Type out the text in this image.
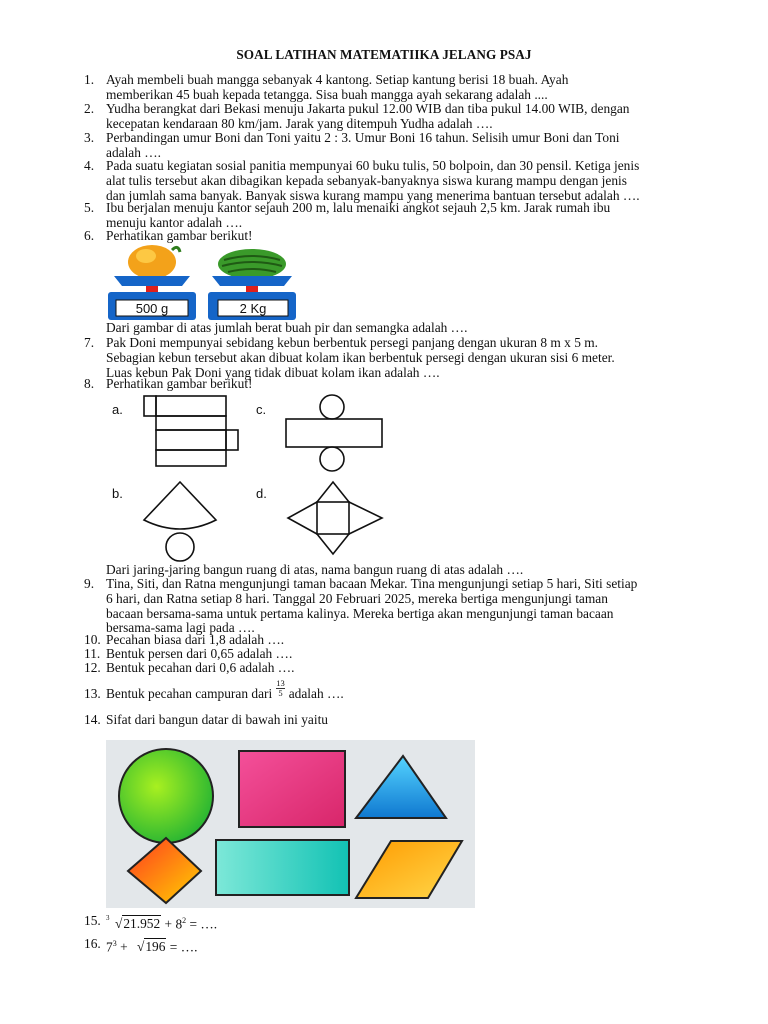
SOAL LATIHAN MATEMATIIKA JELANG PSAJ
1. Ayah membeli buah mangga sebanyak 4 kantong. Setiap kantung berisi 18 buah. Ayah
memberikan 45 buah kepada tetangga. Sisa buah mangga ayah sekarang adalah ....
2. Yudha berangkat dari Bekasi menuju Jakarta pukul 12.00 WIB dan tiba pukul 14.00 WIB, dengan
kecepatan kendaraan 80 km/jam. Jarak yang ditempuh Yudha adalah ….
3. Perbandingan umur Boni dan Toni yaitu 2 : 3. Umur Boni 16 tahun. Selisih umur Boni dan Toni
adalah ….
4. Pada suatu kegiatan sosial panitia mempunyai 60 buku tulis, 50 bolpoin, dan 30 pensil. Ketiga jenis
alat tulis tersebut akan dibagikan kepada sebanyak-banyaknya siswa kurang mampu dengan jenis
dan jumlah sama banyak. Banyak siswa kurang mampu yang menerima bantuan tersebut adalah ….
5. Ibu berjalan menuju kantor sejauh 200 m, lalu menaiki angkot sejauh 2,5 km. Jarak rumah ibu
menuju kantor adalah ….
6. Perhatikan gambar berikut!
500 g	2 Kg
Dari gambar di atas jumlah berat buah pir dan semangka adalah ….
7. Pak Doni mempunyai sebidang kebun berbentuk persegi panjang dengan ukuran 8 m x 5 m.
Sebagian kebun tersebut akan dibuat kolam ikan berbentuk persegi dengan ukuran sisi 6 meter.
Luas kebun Pak Doni yang tidak dibuat kolam ikan adalah ….
8. Perhatikan gambar berikut!
a.	c.
b.	d.
Dari jaring-jaring bangun ruang di atas, nama bangun ruang di atas adalah ….
9. Tina, Siti, dan Ratna mengunjungi taman bacaan Mekar. Tina mengunjungi setiap 5 hari, Siti setiap
6 hari, dan Ratna setiap 8 hari. Tanggal 20 Februari 2025, mereka bertiga mengunjungi taman
bacaan bersama-sama untuk pertama kalinya. Mereka bertiga akan mengunjungi taman bacaan
bersama-sama lagi pada ….
10. Pecahan biasa dari 1,8 adalah ….
11. Bentuk persen dari 0,65 adalah ….
12. Bentuk pecahan dari 0,6 adalah ….
13. Bentuk pecahan campuran dari $\frac{13}{5}$ adalah ….
14. Sifat dari bangun datar di bawah ini yaitu
15. 3 $√21.952 + 8^2$ = ….
16. $7^3 + √196$ = ….
